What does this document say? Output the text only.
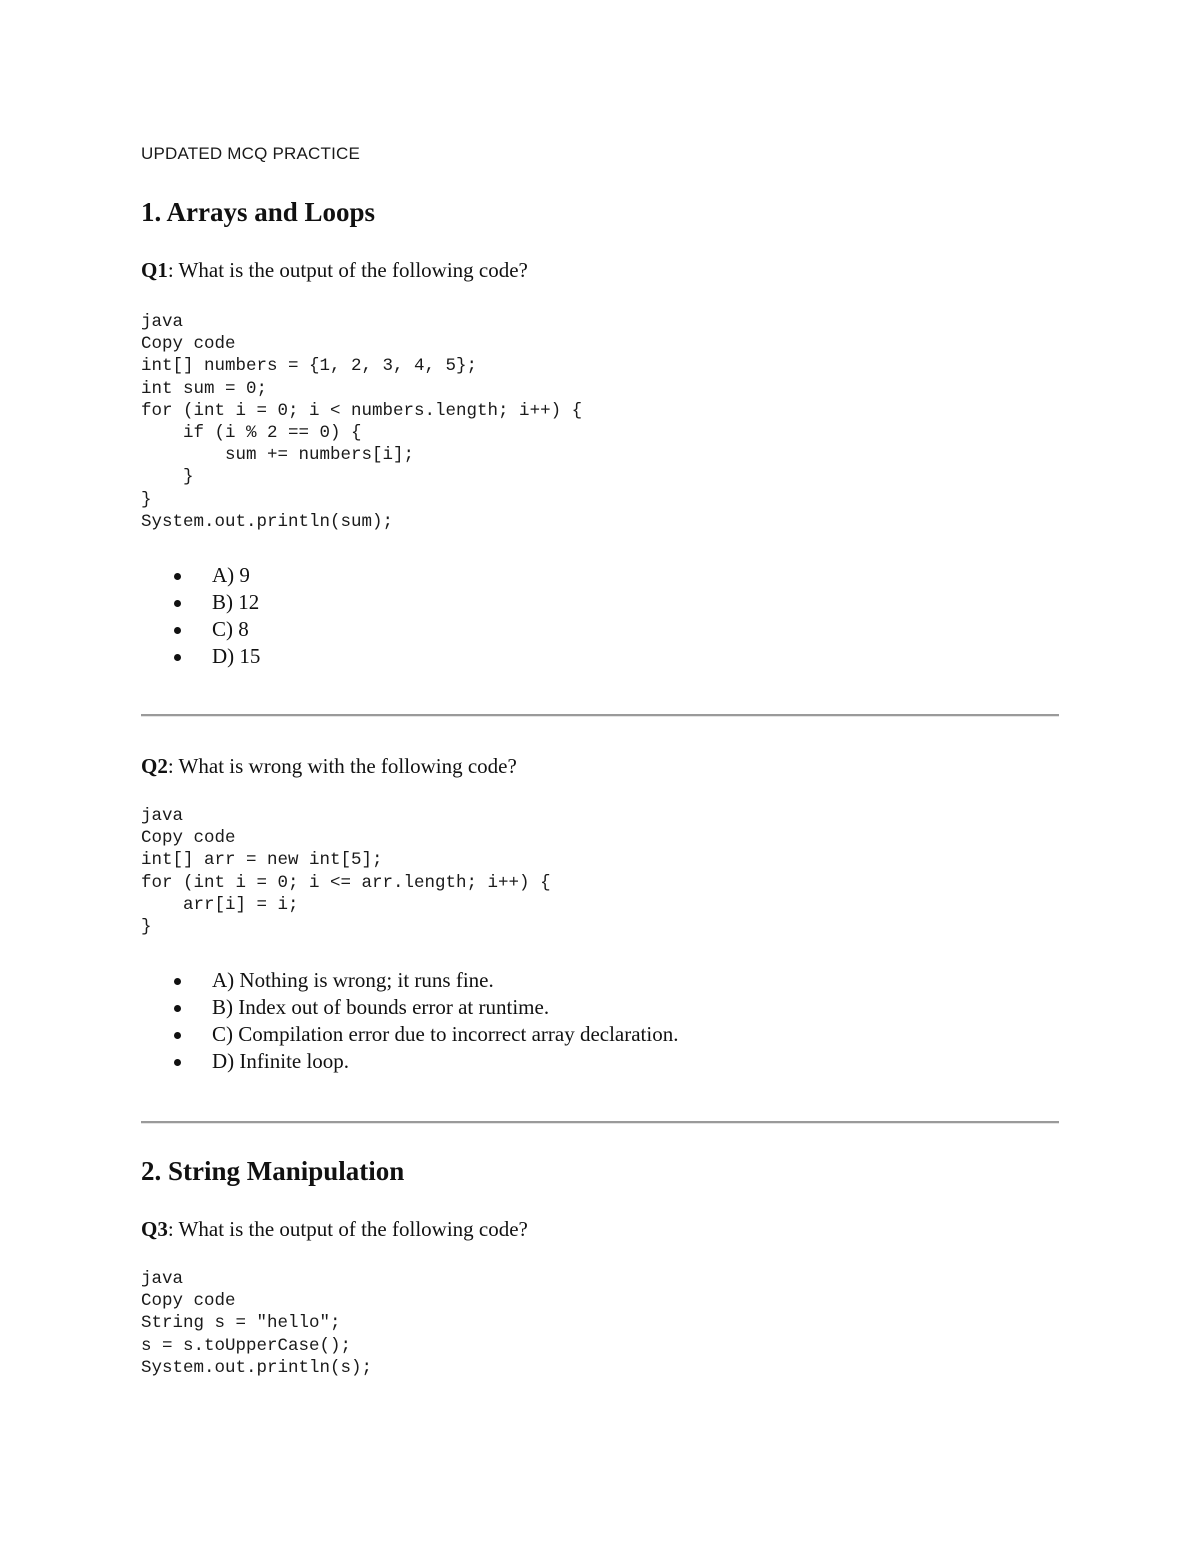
UPDATED MCQ PRACTICE
1. Arrays and Loops

Q1: What is the output of the following code?

java
Copy code
int[] numbers = {1, 2, 3, 4, 5};
int sum = 0;
for (int i = 0; i < numbers.length; i++) {
if (i % 2 == 0) {
sum += numbers[i];
}
}
System.out.println(sum);
A) 9
B) 12
C) 8
D) 15

Q2: What is wrong with the following code?

java
Copy code
int[] arr = new int[5];
for (int i = 0; i <= arr.length; i++) {
arr[i] = i;
}
A) Nothing is wrong; it runs fine.
B) Index out of bounds error at runtime.
C) Compilation error due to incorrect array declaration.
D) Infinite loop.
2. String Manipulation

Q3: What is the output of the following code?

java
Copy code
String s = "hello";
s = s.toUpperCase();
System.out.println(s);
